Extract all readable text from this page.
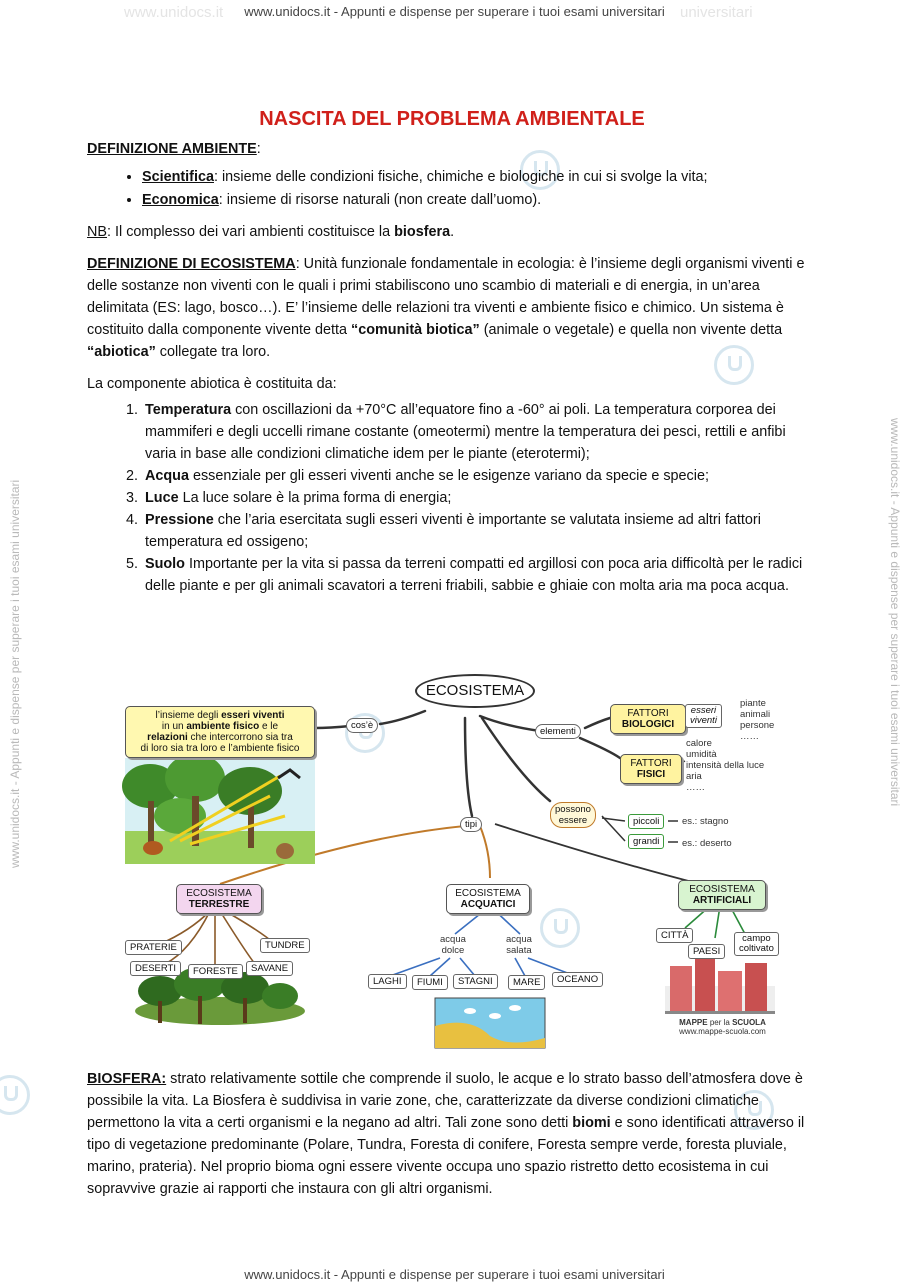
www.unidocs.it	universitari
www.unidocs.it - Appunti e dispense per superare i tuoi esami universitari
www.unidocs.it - Appunti e dispense per superare i tuoi esami universitari
www.unidocs.it - Appunti e dispense per superare i tuoi esami universitari	www.unidocs.it - Appunti e dispense per superare i tuoi esami universitari
NASCITA DEL PROBLEMA AMBIENTALE

DEFINIZIONE AMBIENTE:

• Scientifica: insieme delle condizioni fisiche, chimiche e biologiche in cui si svolge la vita;
• Economica: insieme di risorse naturali (non create dall’uomo).

NB: Il complesso dei vari ambienti costituisce la biosfera.

DEFINIZIONE DI ECOSISTEMA: Unità funzionale fondamentale in ecologia: è l’insieme degli organismi viventi e delle sostanze non viventi con le quali i primi stabiliscono uno scambio di materiali e di energia, in un’area delimitata (ES: lago, bosco…). E’ l’insieme delle relazioni tra viventi e ambiente fisico e chimico. Un sistema è costituito dalla componente vivente detta “comunità biotica” (animale o vegetale) e quella non vivente detta “abiotica” collegate tra loro.

La componente abiotica è costituita da:

1. Temperatura con oscillazioni da +70°C all’equatore fino a -60° ai poli. La temperatura corporea dei mammiferi e degli uccelli rimane costante (omeotermi) mentre la temperatura dei pesci, rettili e anfibi varia in base alle condizioni climatiche idem per le piante (eterotermi);
2. Acqua essenziale per gli esseri viventi anche se le esigenze variano da specie e specie;
3. Luce La luce solare è la prima forma di energia;
4. Pressione che l’aria esercitata sugli esseri viventi è importante se valutata insieme ad altri fattori temperatura ed ossigeno;
5. Suolo Importante per la vita si passa da terreni compatti ed argillosi con poca aria difficoltà per le radici delle piante e per gli animali scavatori a terreni friabili, sabbie e ghiaie con molta aria ma poca acqua.
ECOSISTEMA
cos’è
l’insieme degli esseri viventi
in un ambiente fisico e le
relazioni che intercorrono sia tra
di loro sia tra loro e l’ambiente fisico
elementi
FATTORI
BIOLOGICI
esseri
viventi
piante
animali
persone
……
FATTORI
FISICI
calore
umidità
intensità della luce
aria
……
possono
essere	piccoli	es.: stagno
grandi	es.: deserto
tipi
ECOSISTEMA
TERRESTRE
PRATERIE	TUNDRE
DESERTI	FORESTE	SAVANE
ECOSISTEMA
ACQUATICI
acqua
dolce
acqua
salata
LAGHI	FIUMI	STAGNI	MARE	OCEANO
ECOSISTEMA
ARTIFICIALI
CITTÀ
PAESI
campo
coltivato
MAPPE per la SCUOLA
www.mappe-scuola.com

BIOSFERA: strato relativamente sottile che comprende il suolo, le acque e lo strato basso dell’atmosfera dove è possibile la vita. La Biosfera è suddivisa in varie zone, che, caratterizzate da diverse condizioni climatiche permettono la vita a certi organismi e la negano ad altri. Tali zone sono detti biomi e sono identificati attraverso il tipo di vegetazione predominante (Polare, Tundra, Foresta di conifere, Foresta sempre verde, foresta pluviale, marino, prateria). Nel proprio bioma ogni essere vivente occupa uno spazio ristretto detto ecosistema in cui sopravvive grazie ai rapporti che instaura con gli altri organismi.
